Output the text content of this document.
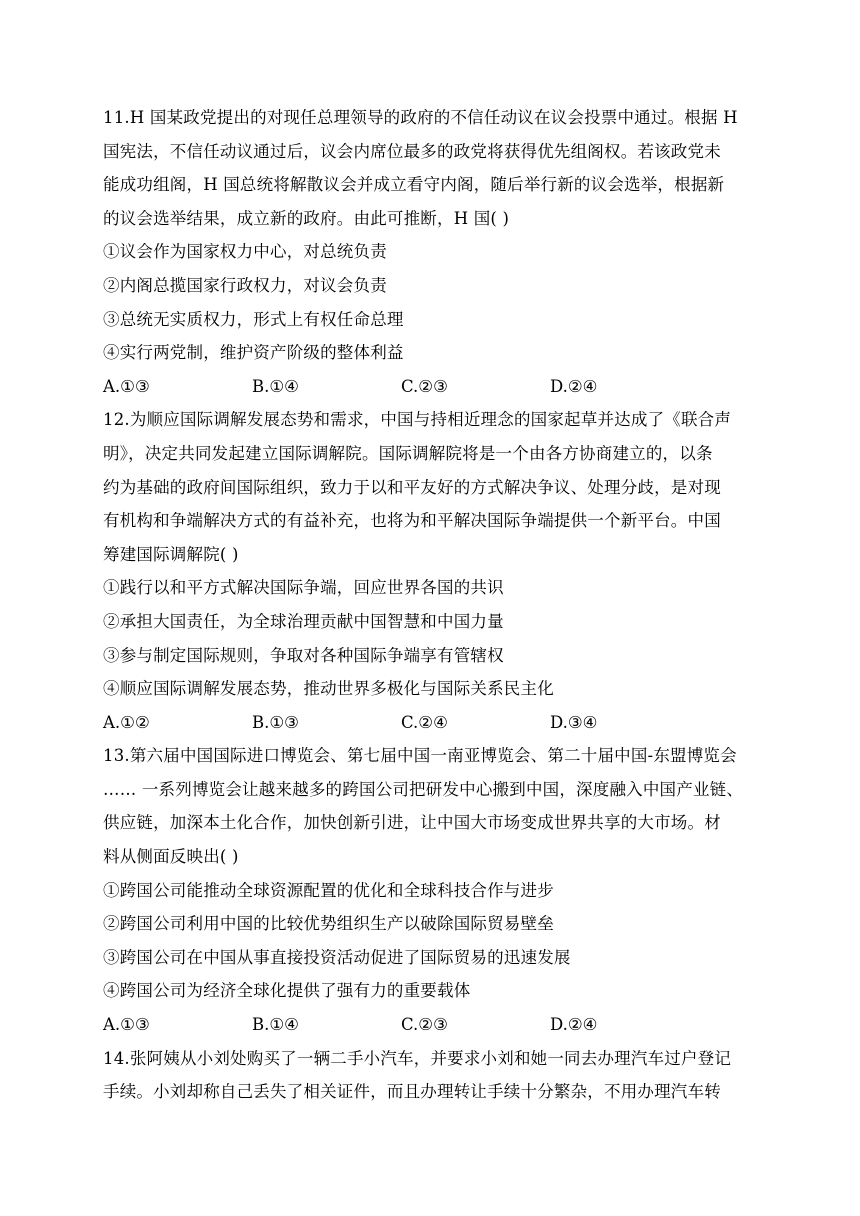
11.H 国某政党提出的对现任总理领导的政府的不信任动议在议会投票中通过。根据 H
国宪法，不信任动议通过后，议会内席位最多的政党将获得优先组阁权。若该政党未
能成功组阁，H 国总统将解散议会并成立看守内阁，随后举行新的议会选举，根据新
的议会选举结果，成立新的政府。由此可推断，H 国( )
①议会作为国家权力中心，对总统负责
②内阁总揽国家行政权力，对议会负责
③总统无实质权力，形式上有权任命总理
④实行两党制，维护资产阶级的整体利益
A.①③	B.①④	C.②③	D.②④
12.为顺应国际调解发展态势和需求，中国与持相近理念的国家起草并达成了《联合声
明》，决定共同发起建立国际调解院。国际调解院将是一个由各方协商建立的，以条
约为基础的政府间国际组织，致力于以和平友好的方式解决争议、处理分歧，是对现
有机构和争端解决方式的有益补充，也将为和平解决国际争端提供一个新平台。中国
筹建国际调解院( )
①践行以和平方式解决国际争端，回应世界各国的共识
②承担大国责任，为全球治理贡献中国智慧和中国力量
③参与制定国际规则，争取对各种国际争端享有管辖权
④顺应国际调解发展态势，推动世界多极化与国际关系民主化
A.①②	B.①③	C.②④	D.③④
13.第六届中国国际进口博览会、第七届中国一南亚博览会、第二十届中国-东盟博览会
…… 一系列博览会让越来越多的跨国公司把研发中心搬到中国，深度融入中国产业链、
供应链，加深本土化合作，加快创新引进，让中国大市场变成世界共享的大市场。材
料从侧面反映出( )
①跨国公司能推动全球资源配置的优化和全球科技合作与进步
②跨国公司利用中国的比较优势组织生产以破除国际贸易壁垒
③跨国公司在中国从事直接投资活动促进了国际贸易的迅速发展
④跨国公司为经济全球化提供了强有力的重要载体
A.①③	B.①④	C.②③	D.②④
14.张阿姨从小刘处购买了一辆二手小汽车，并要求小刘和她一同去办理汽车过户登记
手续。小刘却称自己丢失了相关证件，而且办理转让手续十分繁杂，不用办理汽车转
